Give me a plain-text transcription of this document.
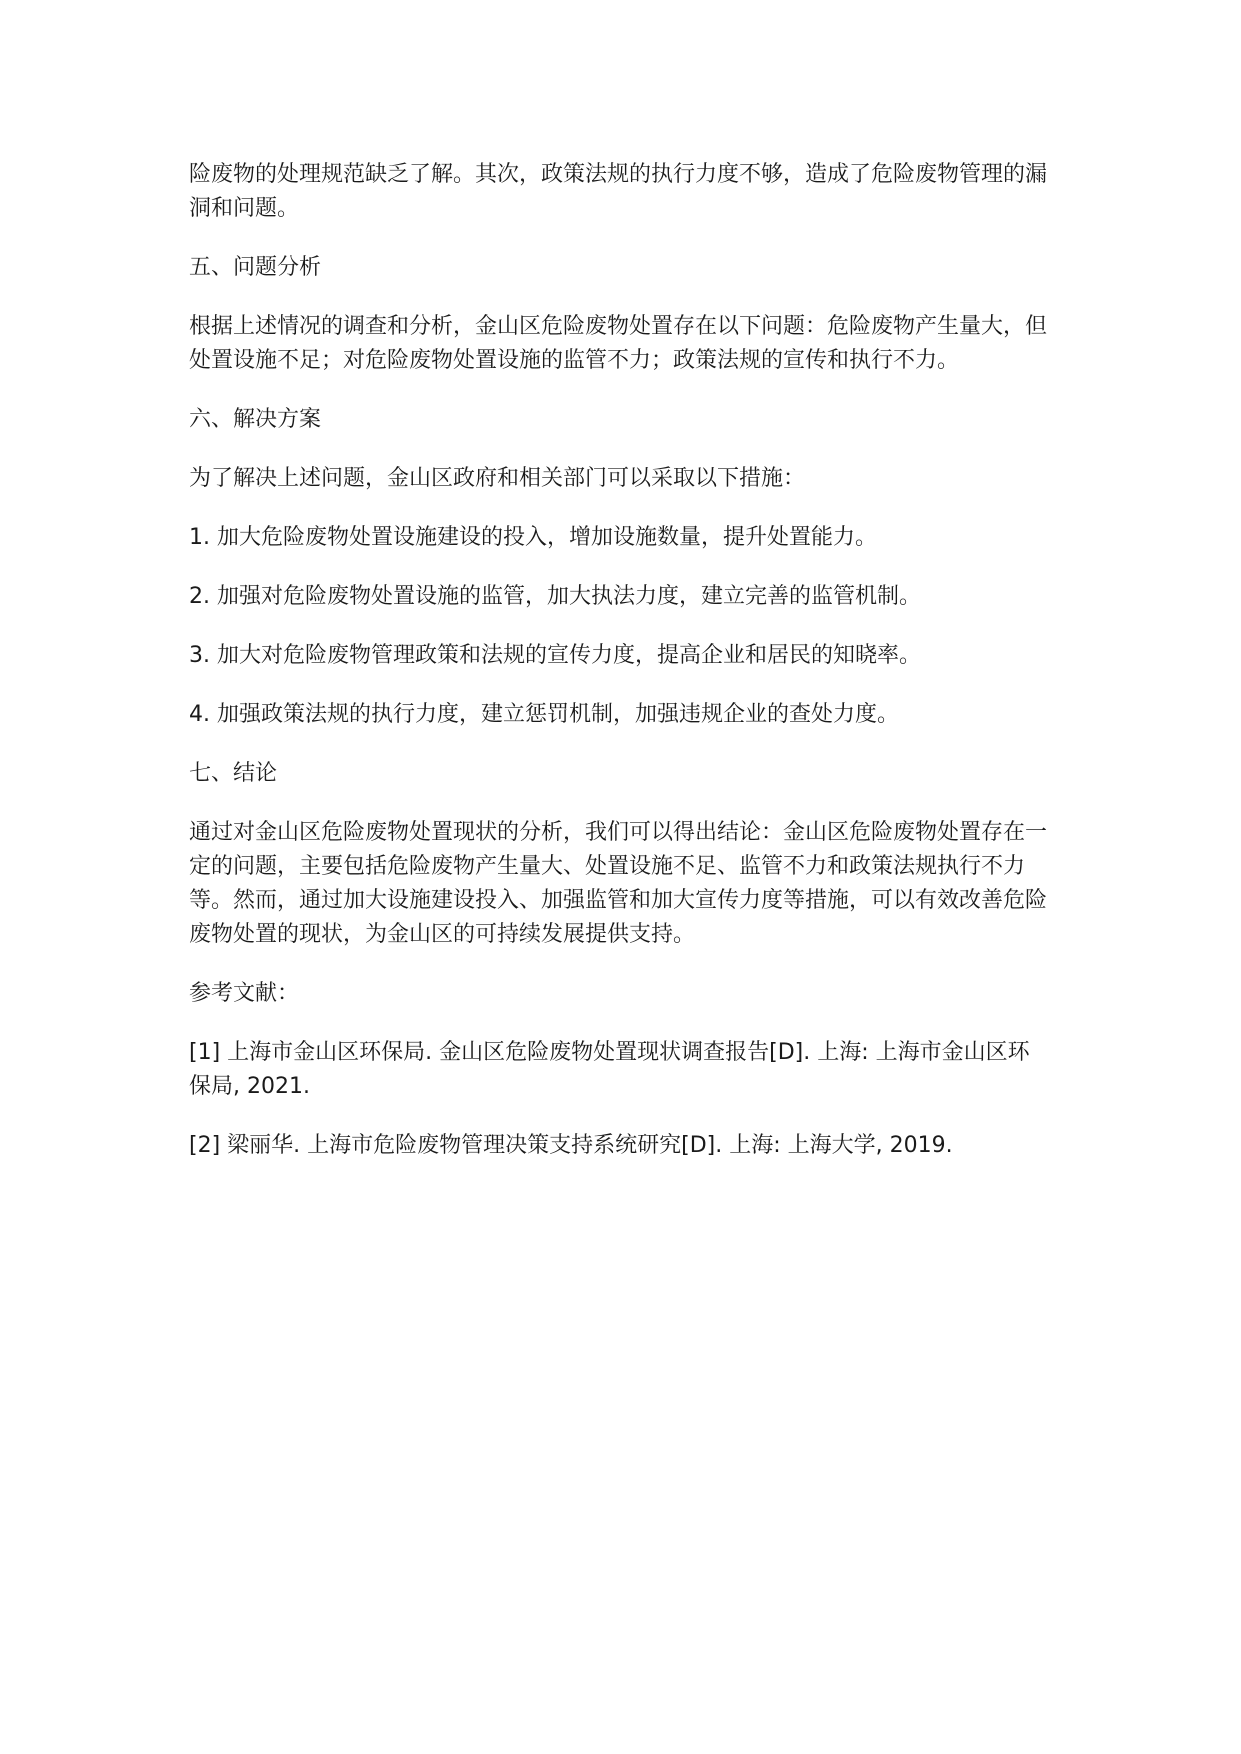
险废物的处理规范缺乏了解。其次，政策法规的执行力度不够，造成了危险废物管理的漏洞和问题。

五、问题分析

根据上述情况的调查和分析，金山区危险废物处置存在以下问题：危险废物产生量大，但处置设施不足；对危险废物处置设施的监管不力；政策法规的宣传和执行不力。

六、解决方案

为了解决上述问题，金山区政府和相关部门可以采取以下措施：

1. 加大危险废物处置设施建设的投入，增加设施数量，提升处置能力。

2. 加强对危险废物处置设施的监管，加大执法力度，建立完善的监管机制。

3. 加大对危险废物管理政策和法规的宣传力度，提高企业和居民的知晓率。

4. 加强政策法规的执行力度，建立惩罚机制，加强违规企业的查处力度。

七、结论

通过对金山区危险废物处置现状的分析，我们可以得出结论：金山区危险废物处置存在一定的问题，主要包括危险废物产生量大、处置设施不足、监管不力和政策法规执行不力等。然而，通过加大设施建设投入、加强监管和加大宣传力度等措施，可以有效改善危险废物处置的现状，为金山区的可持续发展提供支持。

参考文献：

[1] 上海市金山区环保局. 金山区危险废物处置现状调查报告[D]. 上海: 上海市金山区环保局, 2021.

[2] 梁丽华. 上海市危险废物管理决策支持系统研究[D]. 上海: 上海大学, 2019.
